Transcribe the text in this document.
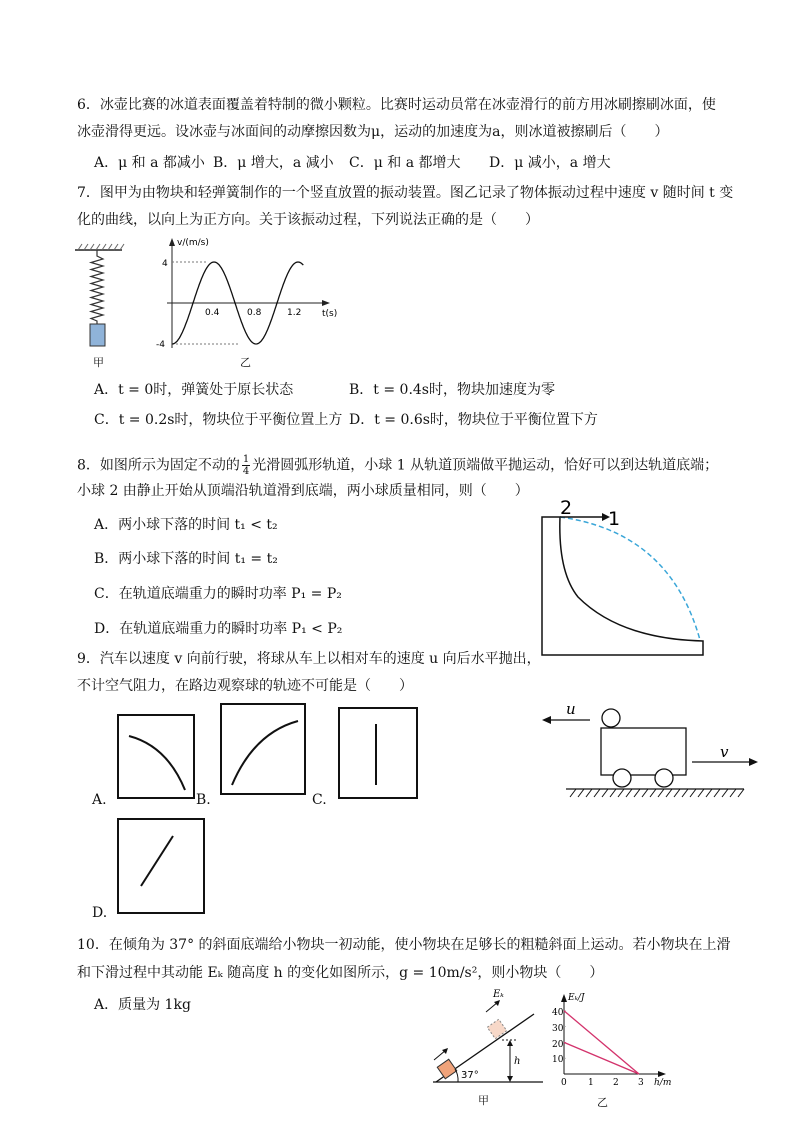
6．冰壶比赛的冰道表面覆盖着特制的微小颗粒。比赛时运动员常在冰壶滑行的前方用冰刷擦刷冰面，使
冰壶滑得更远。设冰壶与冰面间的动摩擦因数为μ，运动的加速度为a，则冰道被擦刷后（　　）
A．μ 和 a 都减小 B．μ 增大，a 减小 C．μ 和 a 都增大 D．μ 减小，a 增大
7．图甲为由物块和轻弹簧制作的一个竖直放置的振动装置。图乙记录了物体振动过程中速度 v 随时间 t 变
化的曲线，以向上为正方向。关于该振动过程，下列说法正确的是（　　）
甲
v/(m/s)
4
-4
0.4	0.8	1.2 t(s)
乙
A．t = 0时，弹簧处于原长状态	B．t = 0.4s时，物块加速度为零
C．t = 0.2s时，物块位于平衡位置上方 D．t = 0.6s时，物块位于平衡位置下方
8．如图所示为固定不动的 $\frac{1}{4}$ 光滑圆弧形轨道，小球 1 从轨道顶端做平抛运动，恰好可以到达轨道底端；
小球 2 由静止开始从顶端沿轨道滑到底端，两小球质量相同，则（　　）
A．两小球下落的时间 t₁ < t₂
B．两小球下落的时间 t₁ = t₂
C．在轨道底端重力的瞬时功率 P₁ = P₂
D．在轨道底端重力的瞬时功率 P₁ < P₂
2 1
9．汽车以速度 v 向前行驶，将球从车上以相对车的速度 u 向后水平抛出，
不计空气阻力，在路边观察球的轨迹不可能是（　　）
A.	B.	C.
D.
u
v
10．在倾角为 37° 的斜面底端给小物块一初动能，使小物块在足够长的粗糙斜面上运动。若小物块在上滑
和下滑过程中其动能 Eₖ 随高度 h 的变化如图所示，g = 10m/s²，则小物块（　　）
A．质量为 1kg
37°
Eₖ
h
甲
Eₖ/J
40
30
20
10
0 1 2 3 h/m
乙
